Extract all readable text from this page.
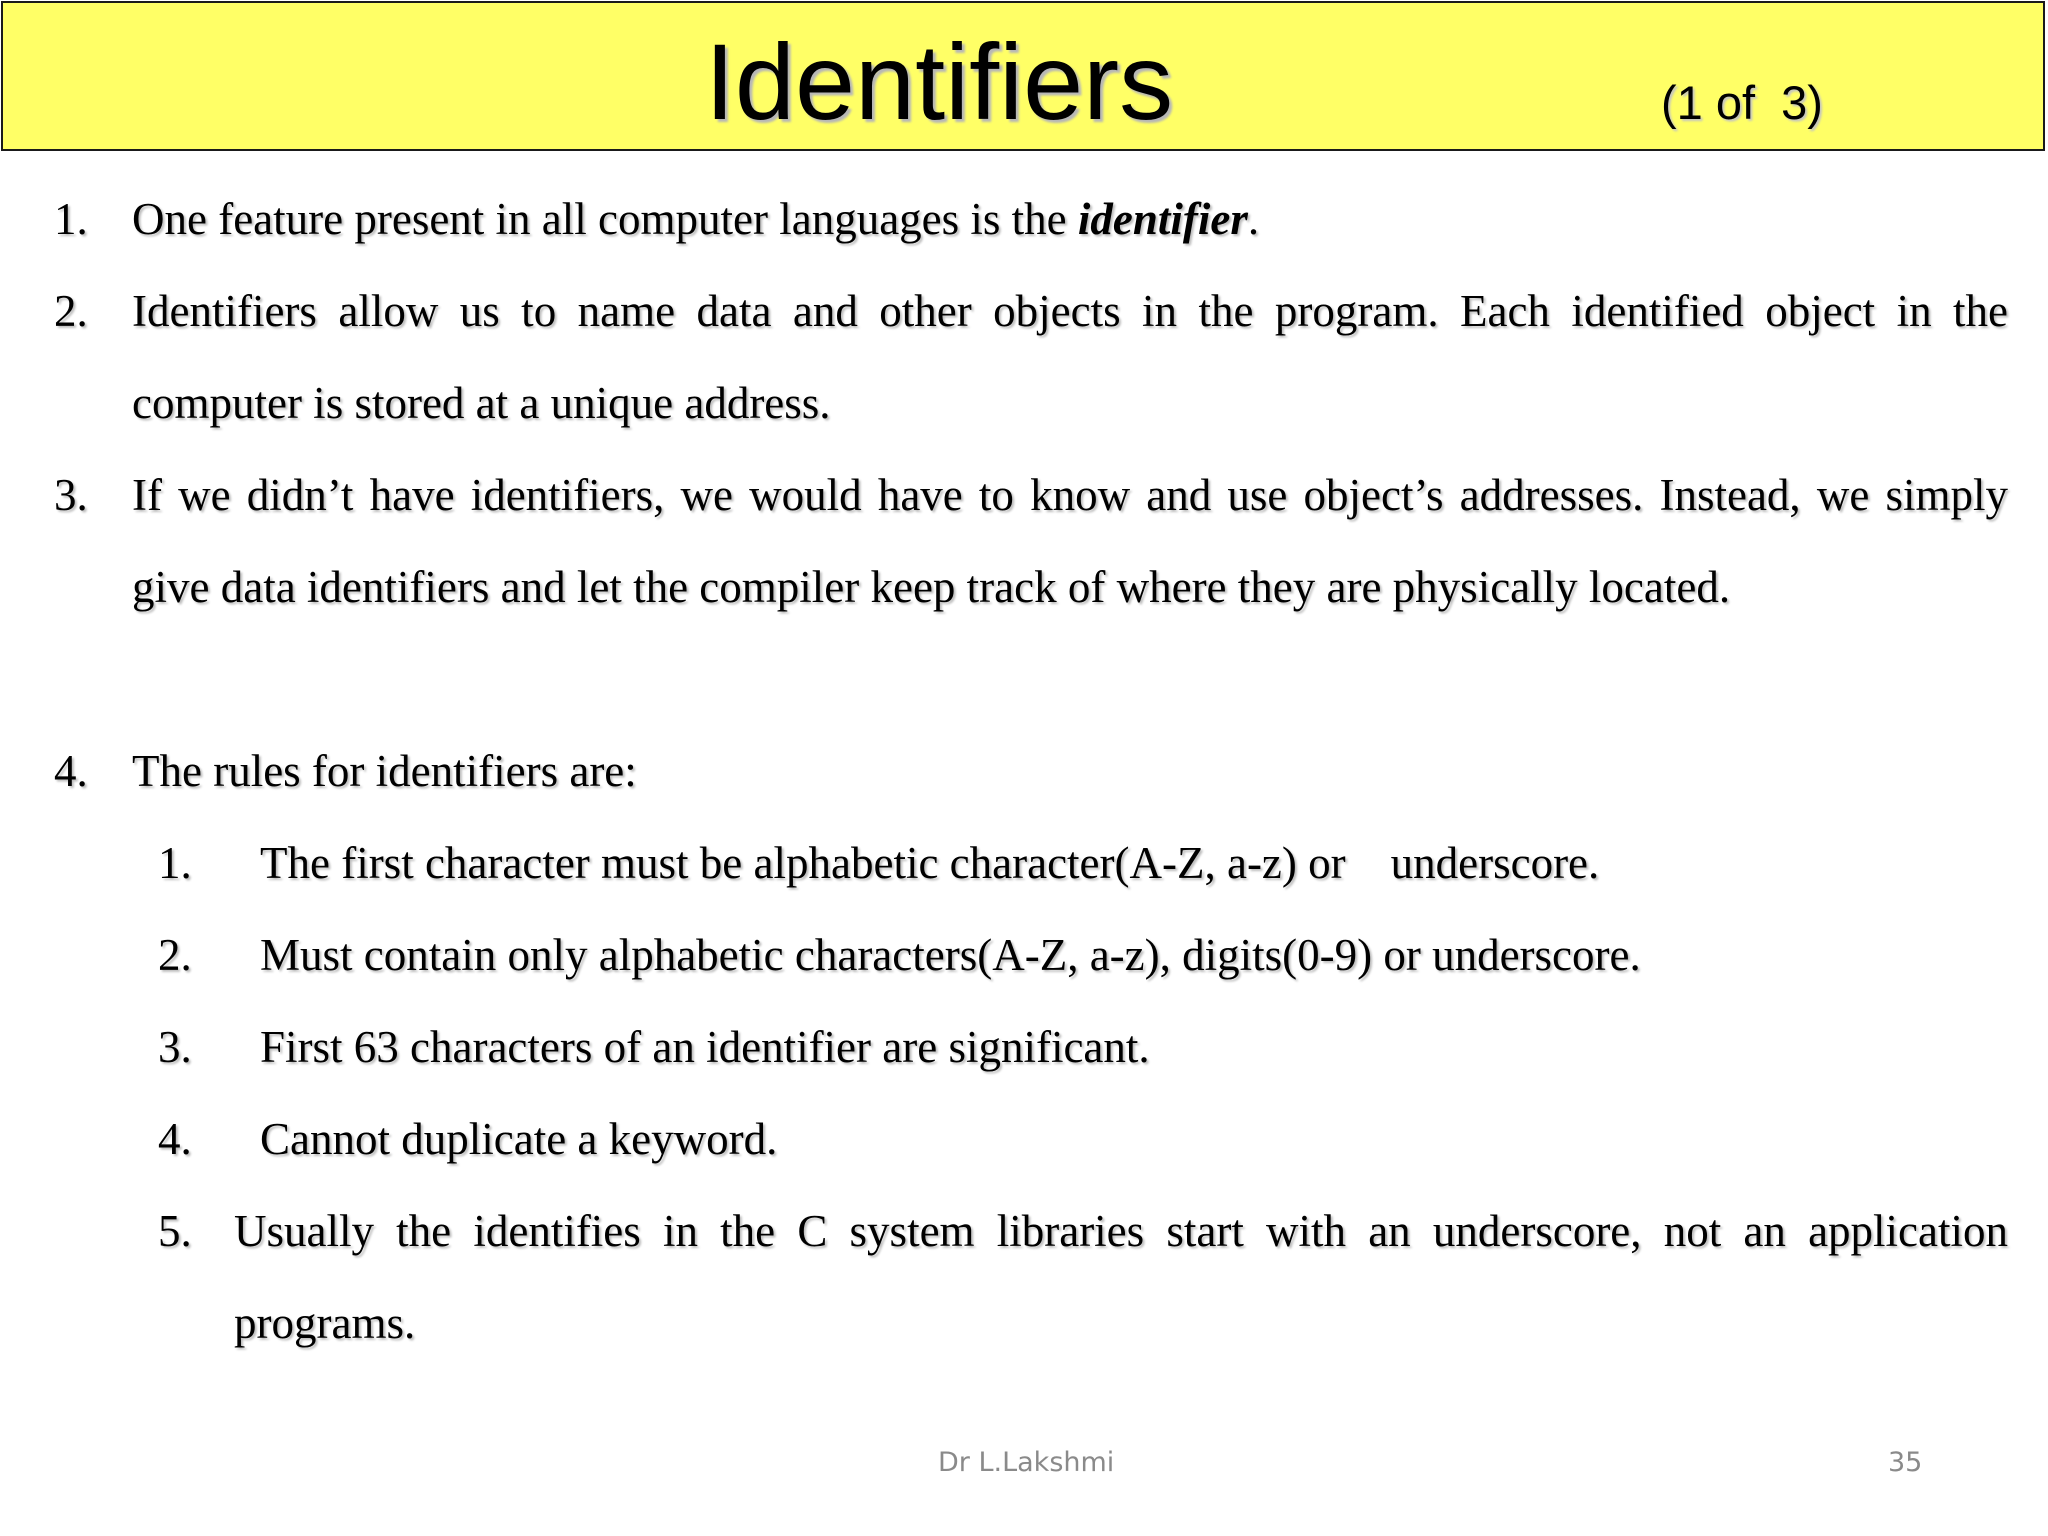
Identifiers	(1 of  3)
1. One feature present in all computer languages is the identifier.
2. Identifiers allow us to name data and other objects in the program. Each identified object in the computer is stored at a unique address.
3. If we didn’t have identifiers, we would have to know and use object’s addresses. Instead, we simply give data identifiers and let the compiler keep track of where they are physically located.
4. The rules for identifiers are:
1. The first character must be alphabetic character(A-Z, a-z) or    underscore.
2. Must contain only alphabetic characters(A-Z, a-z), digits(0-9) or underscore.
3. First 63 characters of an identifier are significant.
4. Cannot duplicate a keyword.
5. Usually the identifies in the C system libraries start with an underscore, not an application programs.
Dr L.Lakshmi	35
